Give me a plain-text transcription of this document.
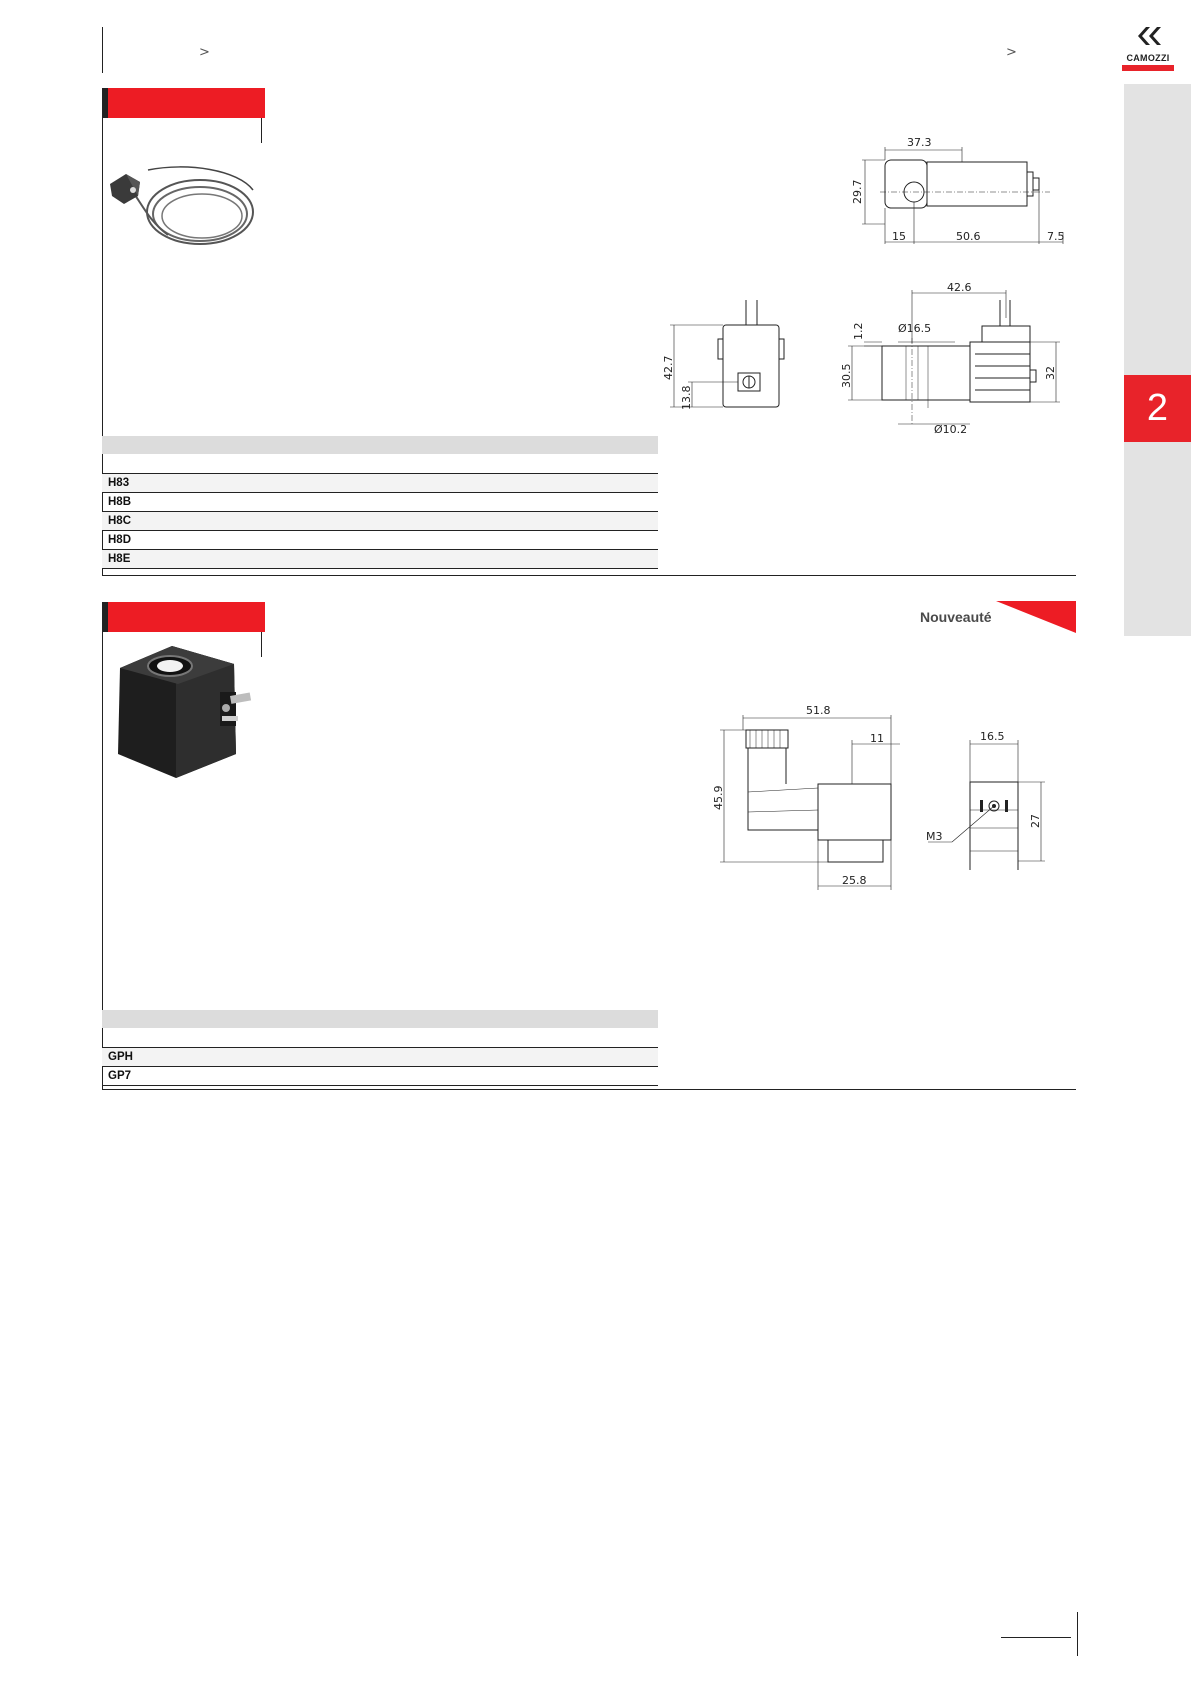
>	>	CAMOZZI
2
37.3
29.7
15	50.6	7.5
42.7
13.8
42.6
Ø16.5
1.2
30.5	32
Ø10.2
H83
H8B
H8C
H8D
H8E
Nouveauté
51.8
11
45.9
25.8
16.5
M3
27
GPH
GP7
